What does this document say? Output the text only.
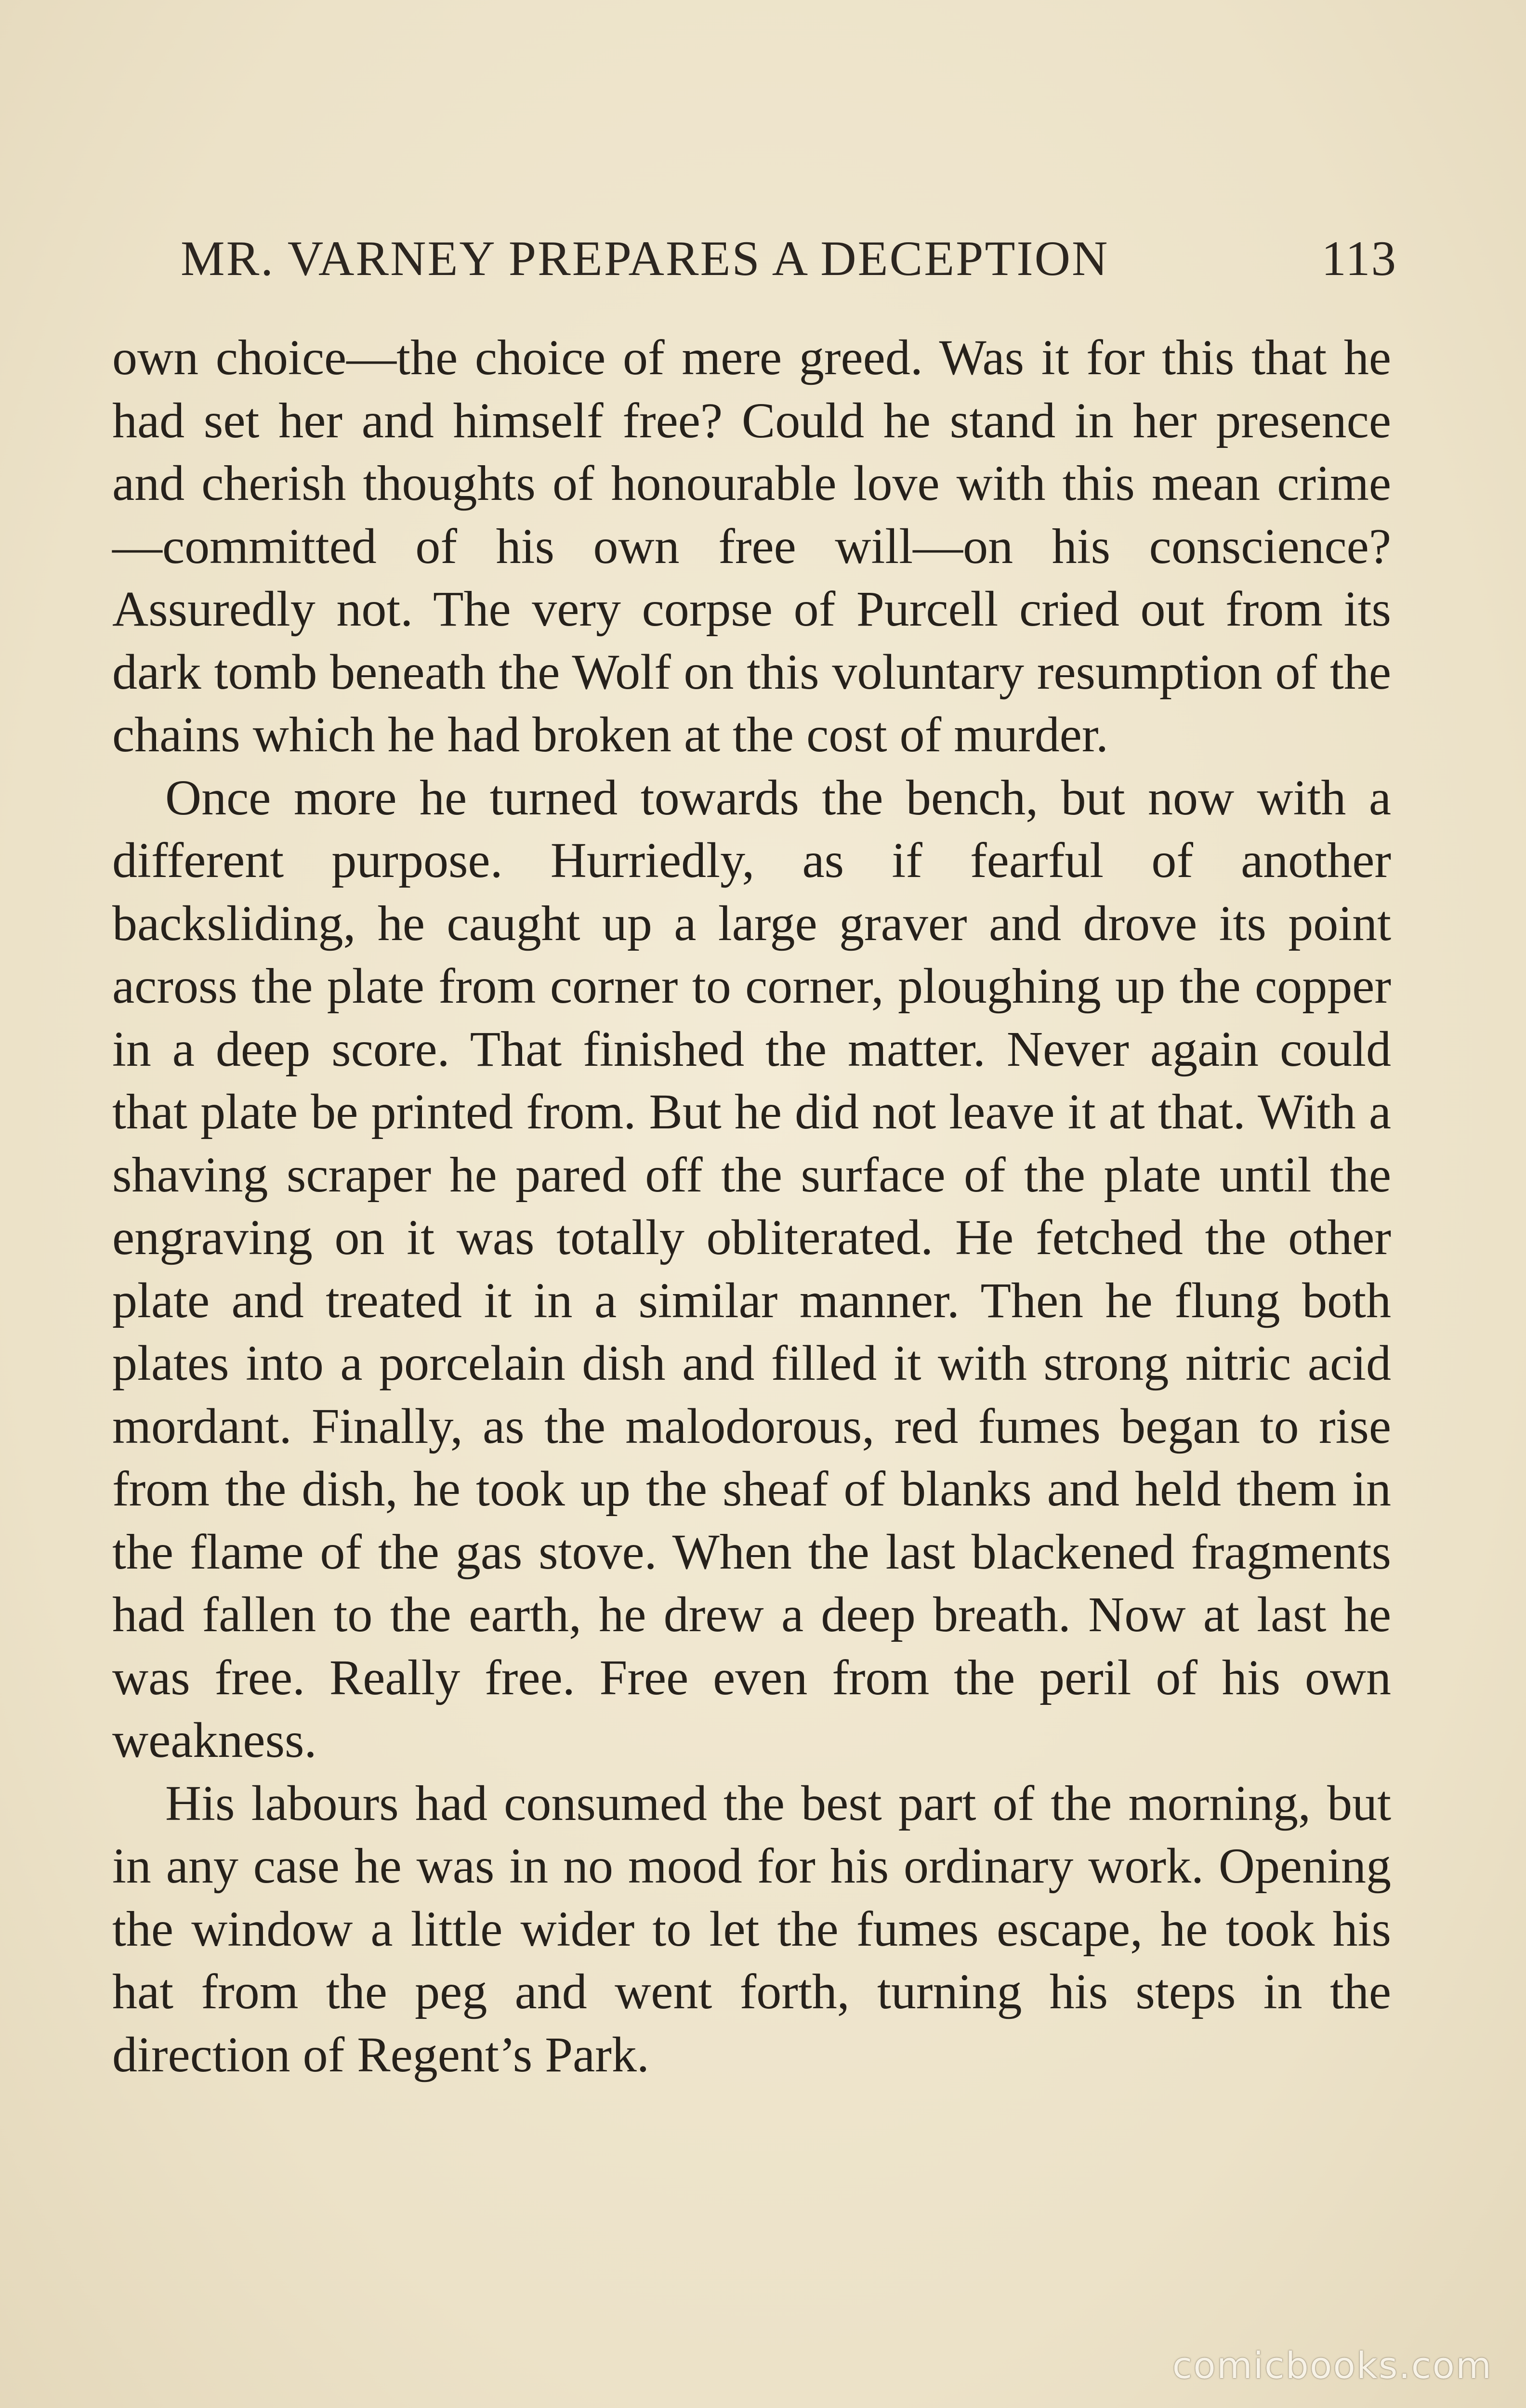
MR. VARNEY PREPARES A DECEPTION	113

own choice—the choice of mere greed. Was it for this that he had set her and himself free? Could he stand in her presence and cherish thoughts of honourable love with this mean crime—committed of his own free will—on his conscience? Assuredly not. The very corpse of Purcell cried out from its dark tomb beneath the Wolf on this voluntary resumption of the chains which he had broken at the cost of murder.

Once more he turned towards the bench, but now with a different purpose. Hurriedly, as if fearful of another backsliding, he caught up a large graver and drove its point across the plate from corner to corner, ploughing up the copper in a deep score. That finished the matter. Never again could that plate be printed from. But he did not leave it at that. With a shaving scraper he pared off the surface of the plate until the engraving on it was totally obliterated. He fetched the other plate and treated it in a similar manner. Then he flung both plates into a porcelain dish and filled it with strong nitric acid mordant. Finally, as the malodorous, red fumes began to rise from the dish, he took up the sheaf of blanks and held them in the flame of the gas stove. When the last blackened fragments had fallen to the earth, he drew a deep breath. Now at last he was free. Really free. Free even from the peril of his own weakness.

His labours had consumed the best part of the morning, but in any case he was in no mood for his ordinary work. Opening the window a little wider to let the fumes escape, he took his hat from the peg and went forth, turning his steps in the direction of Regent’s Park.

comicbooks.com
